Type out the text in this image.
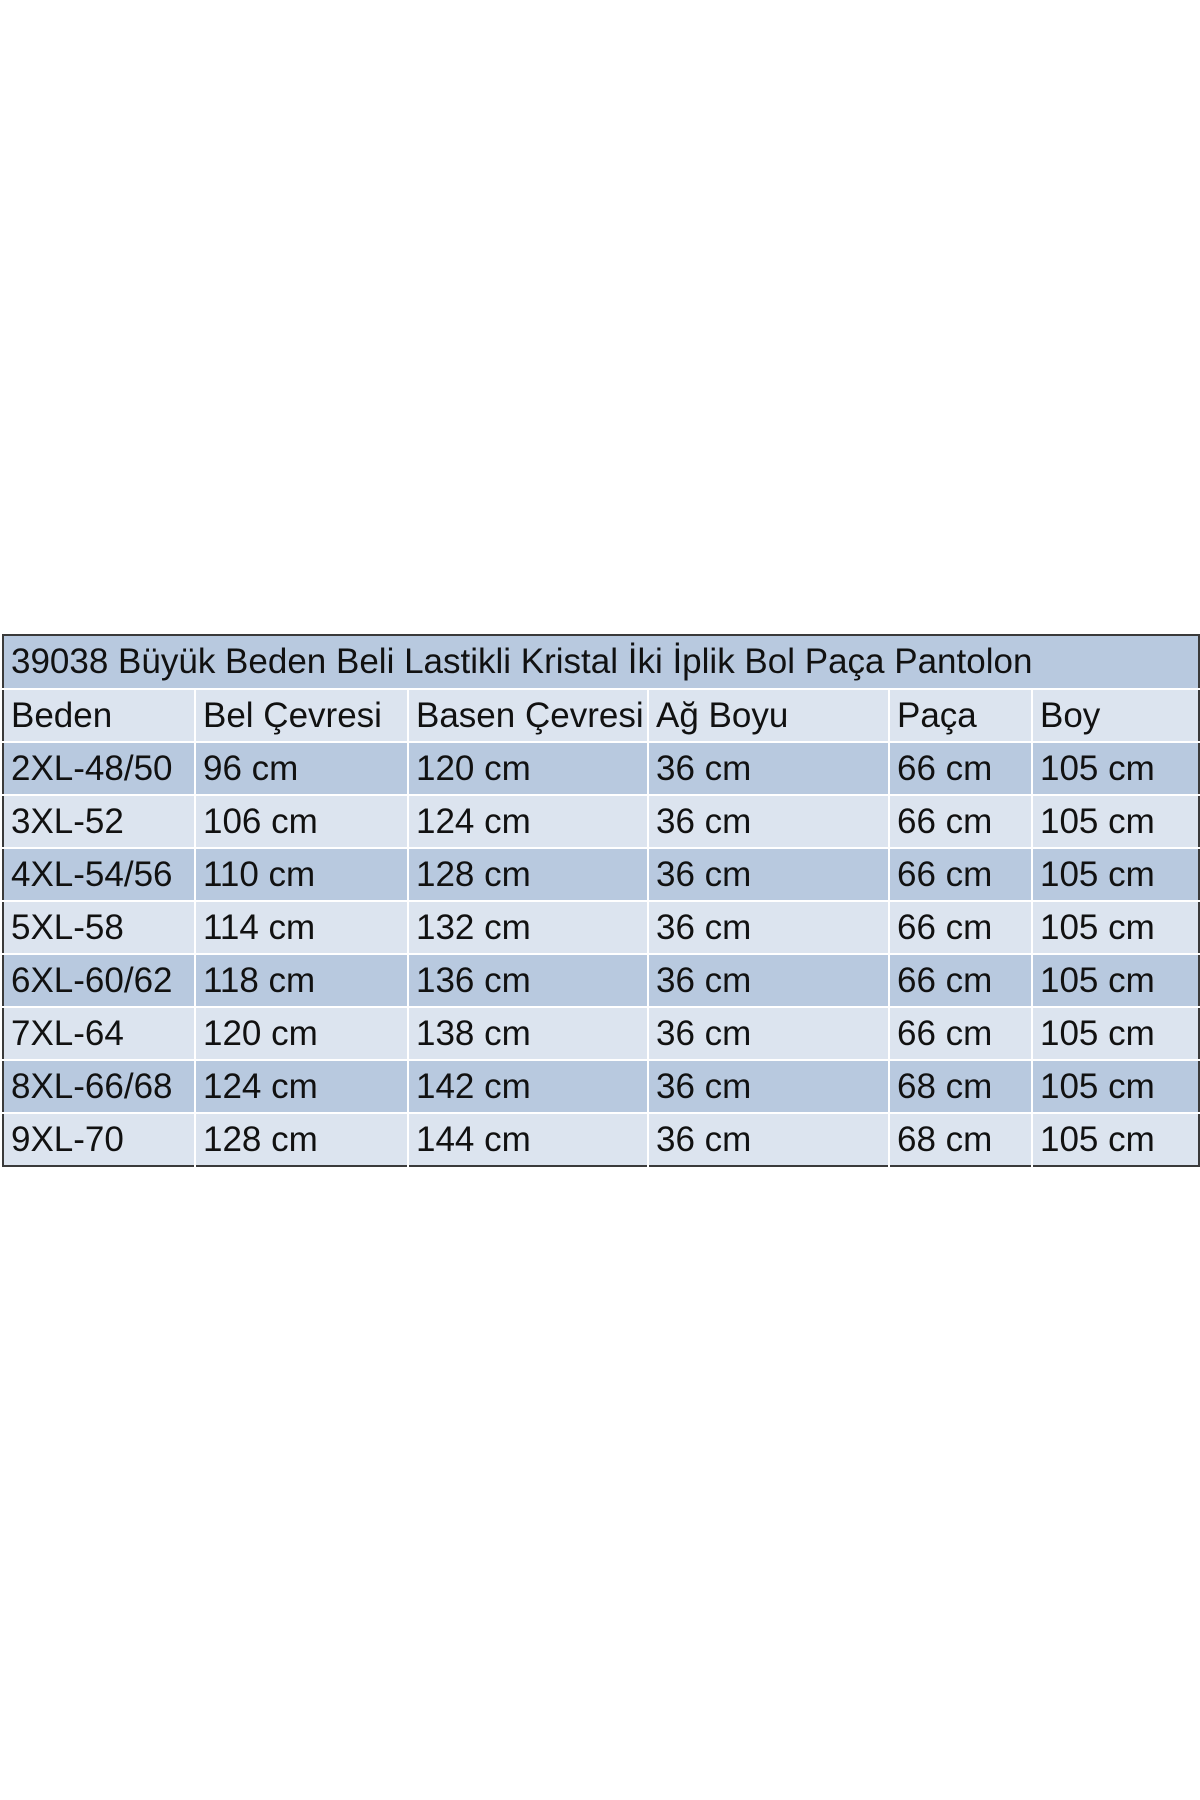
39038 Büyük Beden Beli Lastikli Kristal İki İplik Bol Paça Pantolon					
Beden	Bel Çevresi	Basen Çevresi	Ağ Boyu	Paça	Boy
2XL-48/50	96 cm	120 cm	36 cm	66 cm	105 cm
3XL-52	106 cm	124 cm	36 cm	66 cm	105 cm
4XL-54/56	110 cm	128 cm	36 cm	66 cm	105 cm
5XL-58	114 cm	132 cm	36 cm	66 cm	105 cm
6XL-60/62	118 cm	136 cm	36 cm	66 cm	105 cm
7XL-64	120 cm	138 cm	36 cm	66 cm	105 cm
8XL-66/68	124 cm	142 cm	36 cm	68 cm	105 cm
9XL-70	128 cm	144 cm	36 cm	68 cm	105 cm
